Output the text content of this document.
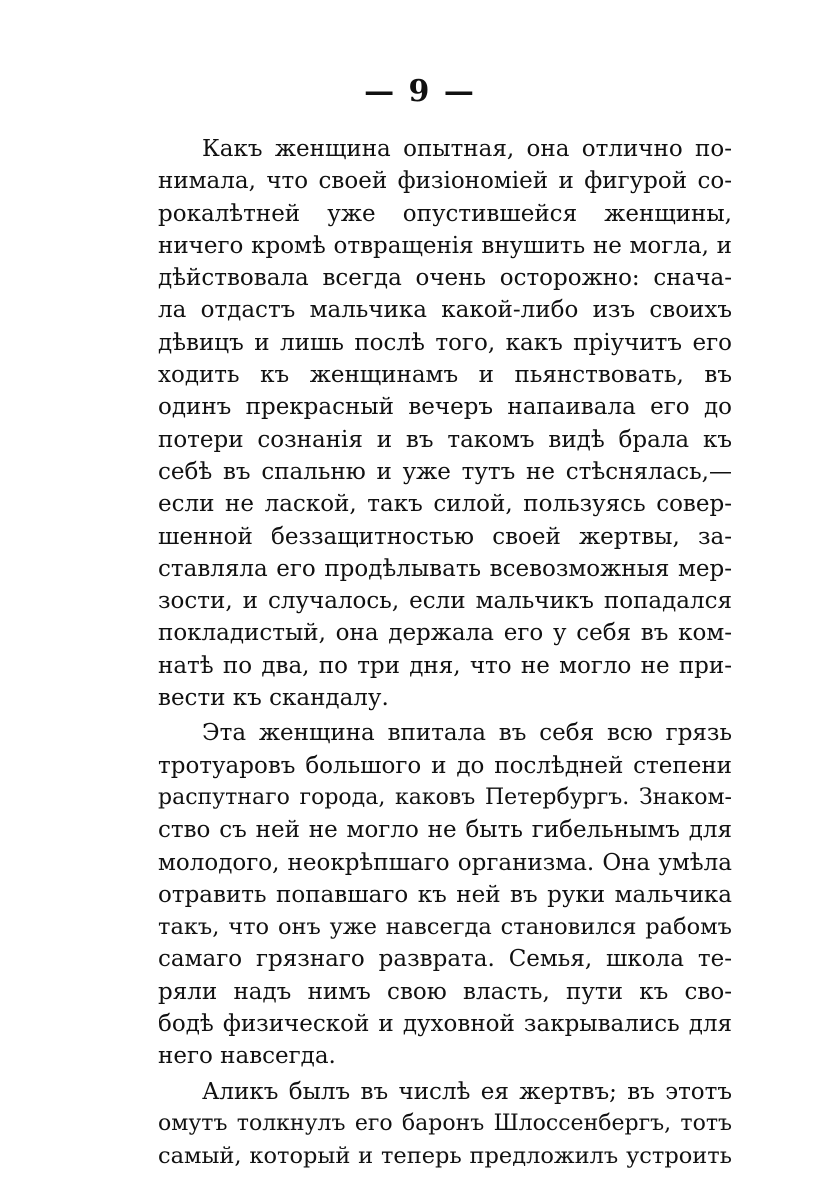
— 9 —
Какъ женщина опытная, она отлично по-
нимала, что своей физіономіей и фигурой со-
рокалѣтней уже опустившейся женщины,
ничего кромѣ отвращенія внушить не могла, и
дѣйствовала всегда очень осторожно: снача-
ла отдастъ мальчика какой-либо изъ своихъ
дѣвицъ и лишь послѣ того, какъ пріучитъ его
ходить къ женщинамъ и пьянствовать, въ
одинъ прекрасный вечеръ напаивала его до
потери сознанія и въ такомъ видѣ брала къ
себѣ въ спальню и уже тутъ не стѣснялась,—
если не лаской, такъ силой, пользуясь совер-
шенной беззащитностью своей жертвы, за-
ставляла его продѣлывать всевозможныя мер-
зости, и случалось, если мальчикъ попадался
покладистый, она держала его у себя въ ком-
натѣ по два, по три дня, что не могло не при-
вести къ скандалу.
Эта женщина впитала въ себя всю грязь
тротуаровъ большого и до послѣдней степени
распутнаго города, каковъ Петербургъ. Знаком-
ство съ ней не могло не быть гибельнымъ для
молодого, неокрѣпшаго организма. Она умѣла
отравить попавшаго къ ней въ руки мальчика
такъ, что онъ уже навсегда становился рабомъ
самаго грязнаго разврата. Семья, школа те-
ряли надъ нимъ свою власть, пути къ сво-
бодѣ физической и духовной закрывались для
него навсегда.
Аликъ былъ въ числѣ ея жертвъ; въ этотъ
омутъ толкнулъ его баронъ Шлоссенбергъ, тотъ
самый, который и теперь предложилъ устроить
